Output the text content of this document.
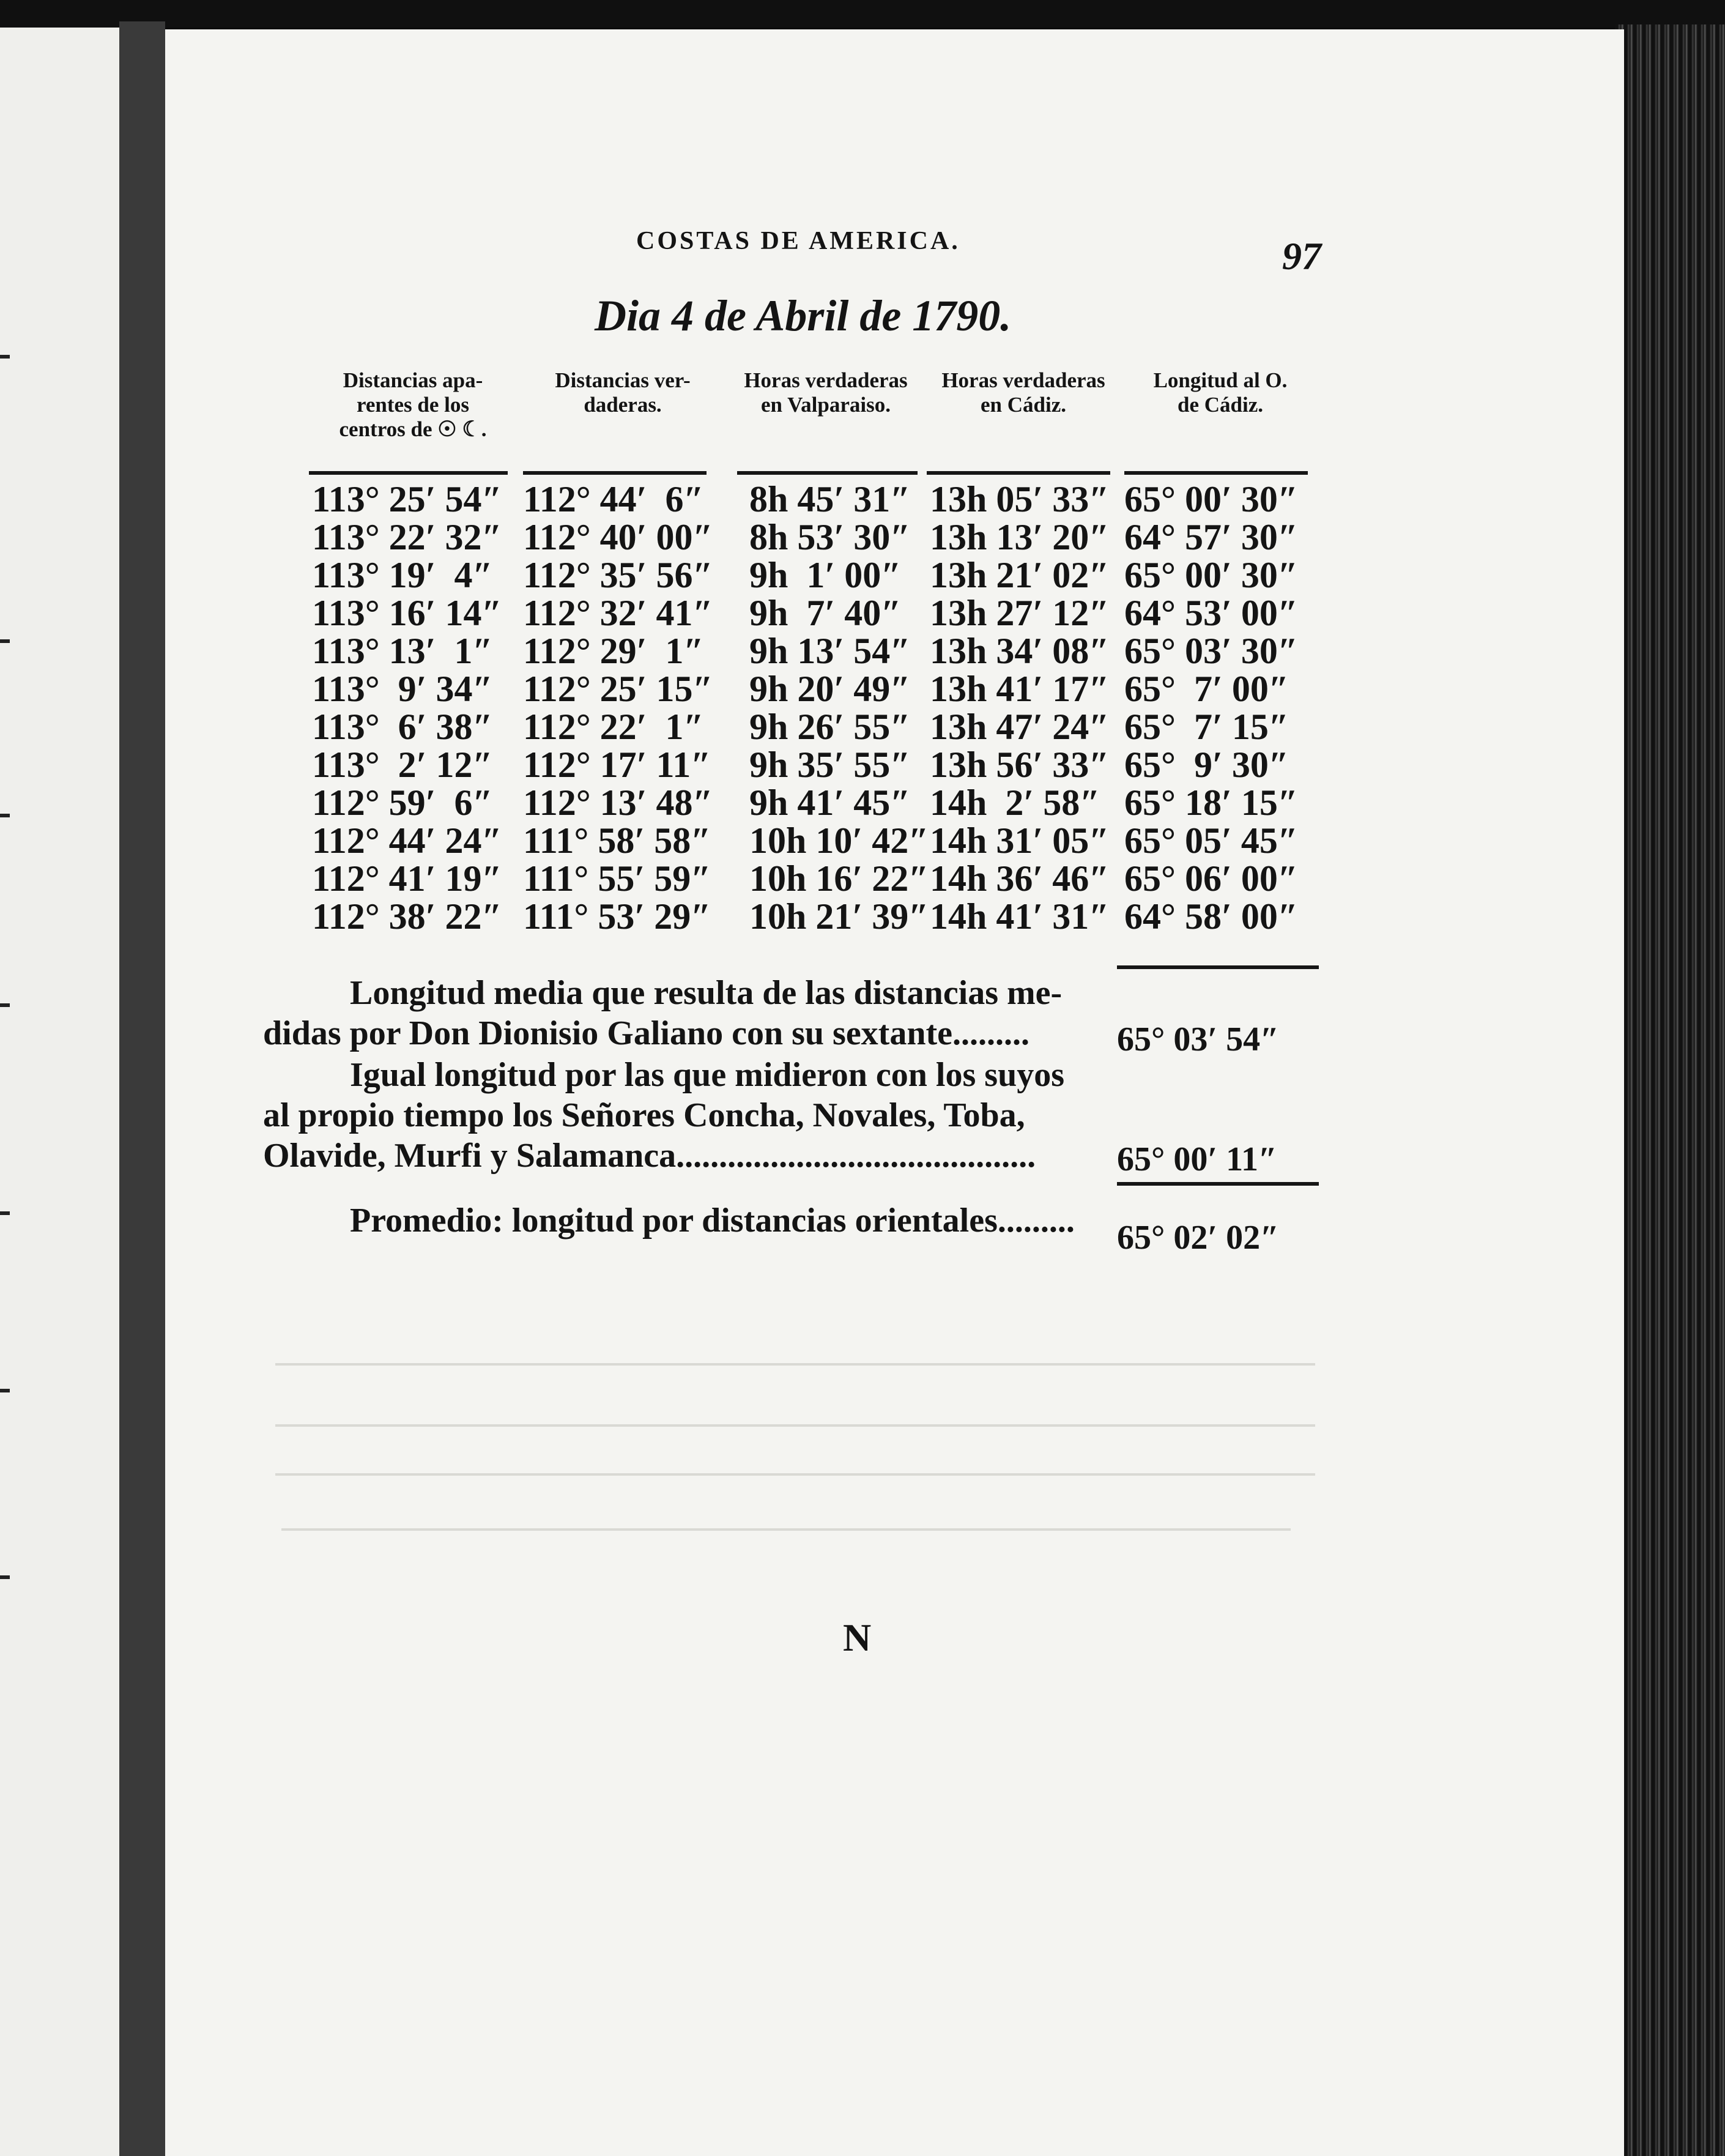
COSTAS DE AMERICA.	97
Dia 4 de Abril de 1790.
Distancias apa-
rentes de los
centros de ☉ ☾.
Distancias ver-
daderas.
Horas verdaderas
en Valparaiso.
Horas verdaderas
en Cádiz.
Longitud al O.
de Cádiz.
113° 25′ 54″ 112° 44′  6″ 8h 45′ 31″ 13h 05′ 33″ 65° 00′ 30″
113° 22′ 32″ 112° 40′ 00″ 8h 53′ 30″ 13h 13′ 20″ 64° 57′ 30″
113° 19′  4″ 112° 35′ 56″ 9h  1′ 00″ 13h 21′ 02″ 65° 00′ 30″
113° 16′ 14″ 112° 32′ 41″ 9h  7′ 40″ 13h 27′ 12″ 64° 53′ 00″
113° 13′  1″ 112° 29′  1″ 9h 13′ 54″ 13h 34′ 08″ 65° 03′ 30″
113°  9′ 34″ 112° 25′ 15″ 9h 20′ 49″ 13h 41′ 17″ 65°  7′ 00″
113°  6′ 38″ 112° 22′  1″ 9h 26′ 55″ 13h 47′ 24″ 65°  7′ 15″
113°  2′ 12″ 112° 17′ 11″ 9h 35′ 55″ 13h 56′ 33″ 65°  9′ 30″
112° 59′  6″ 112° 13′ 48″ 9h 41′ 45″ 14h  2′ 58″ 65° 18′ 15″
112° 44′ 24″ 111° 58′ 58″ 10h 10′ 42″ 14h 31′ 05″ 65° 05′ 45″
112° 41′ 19″ 111° 55′ 59″ 10h 16′ 22″ 14h 36′ 46″ 65° 06′ 00″
112° 38′ 22″ 111° 53′ 29″ 10h 21′ 39″ 14h 41′ 31″ 64° 58′ 00″
Longitud media que resulta de las distancias me-
didas por Don Dionisio Galiano con su sextante.........	65° 03′ 54″
Igual longitud por las que midieron con los suyos
al propio tiempo los Señores Concha, Novales, Toba,
Olavide, Murfi y Salamanca.......................................... 65° 00′ 11″
Promedio: longitud por distancias orientales......... 65° 02′ 02″
N
